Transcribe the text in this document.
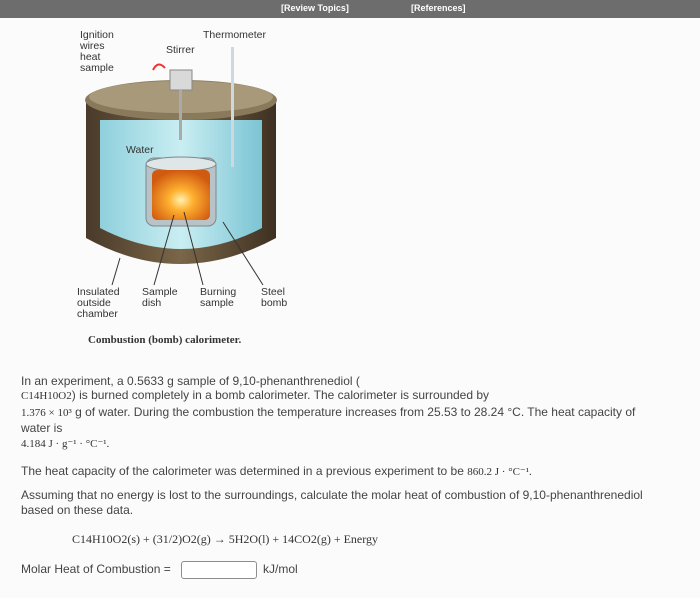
[Review Topics]	[References]
Ignition
wires
heat
sample
Stirrer
Thermometer
Water
Insulated
outside
chamber
Sample
dish
Burning
sample
Steel
bomb
Combustion (bomb) calorimeter.
In an experiment, a 0.5633 g sample of 9,10-phenanthrenediol (
C14H10O2) is burned completely in a bomb calorimeter. The calorimeter is surrounded by
1.376 × 10³ g of water. During the combustion the temperature increases from 25.53 to 28.24 °C. The heat capacity of
water is
4.184 J · g⁻¹ · °C⁻¹.
The heat capacity of the calorimeter was determined in a previous experiment to be 860.2 J · °C⁻¹.
Assuming that no energy is lost to the surroundings, calculate the molar heat of combustion of 9,10-phenanthrenediol
based on these data.
C14H10O2(s) + (31/2)O2(g) → 5H2O(l) + 14CO2(g) + Energy
Molar Heat of Combustion =	kJ/mol
